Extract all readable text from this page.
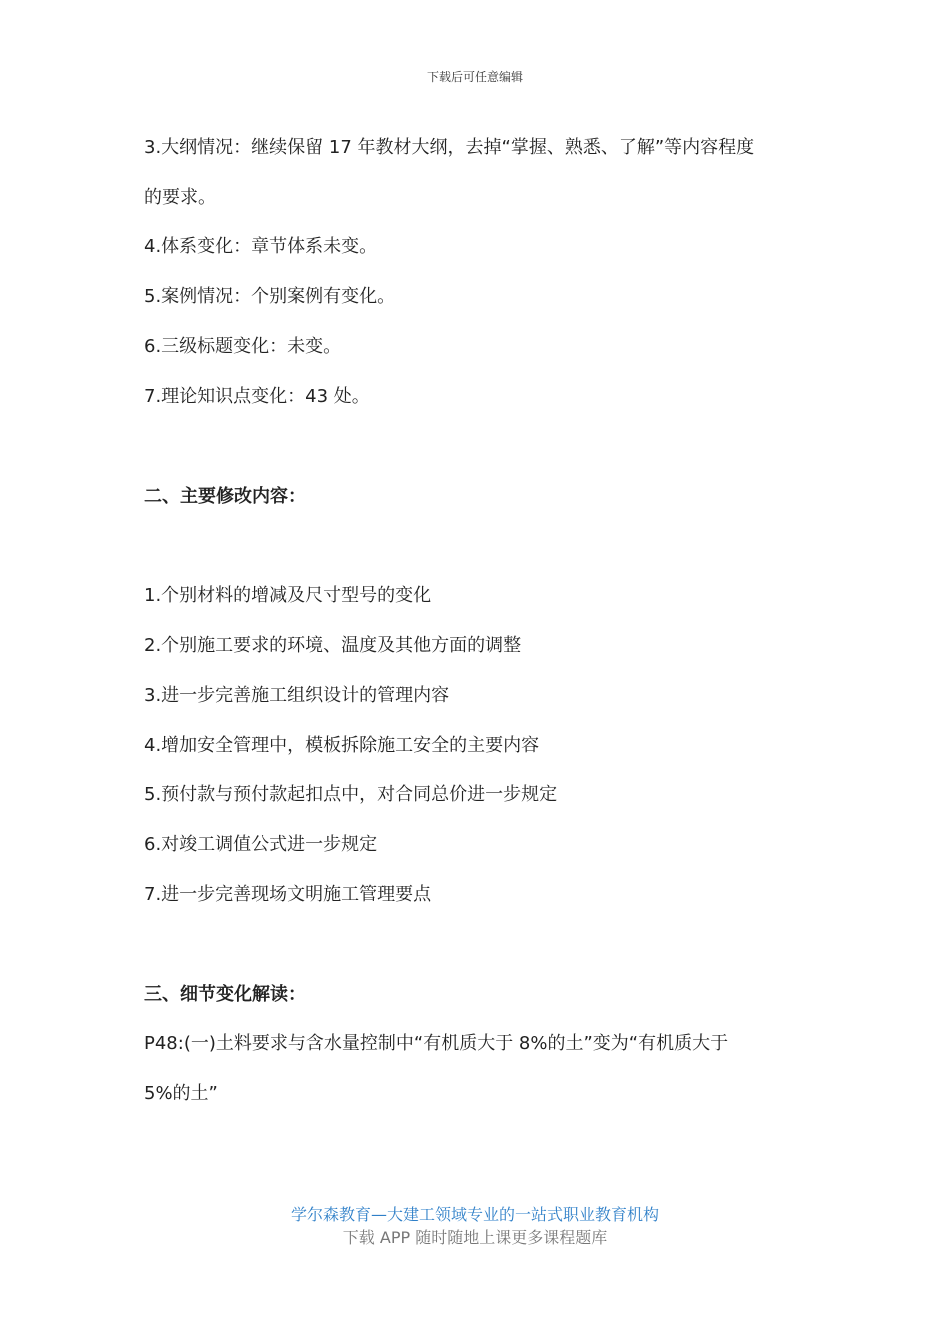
下载后可任意编辑
3.大纲情况：继续保留 17 年教材大纲，去掉“掌握、熟悉、了解”等内容程度
的要求。
4.体系变化：章节体系未变。
5.案例情况：个别案例有变化。
6.三级标题变化：未变。
7.理论知识点变化：43 处。
二、主要修改内容：
1.个别材料的增减及尺寸型号的变化
2.个别施工要求的环境、温度及其他方面的调整
3.进一步完善施工组织设计的管理内容
4.增加安全管理中，模板拆除施工安全的主要内容
5.预付款与预付款起扣点中，对合同总价进一步规定
6.对竣工调值公式进一步规定
7.进一步完善现场文明施工管理要点
三、细节变化解读：
P48:(一)土料要求与含水量控制中“有机质大于 8%的土”变为“有机质大于
5%的土”
学尔森教育—大建工领域专业的一站式职业教育机构
下载 APP 随时随地上课更多课程题库
